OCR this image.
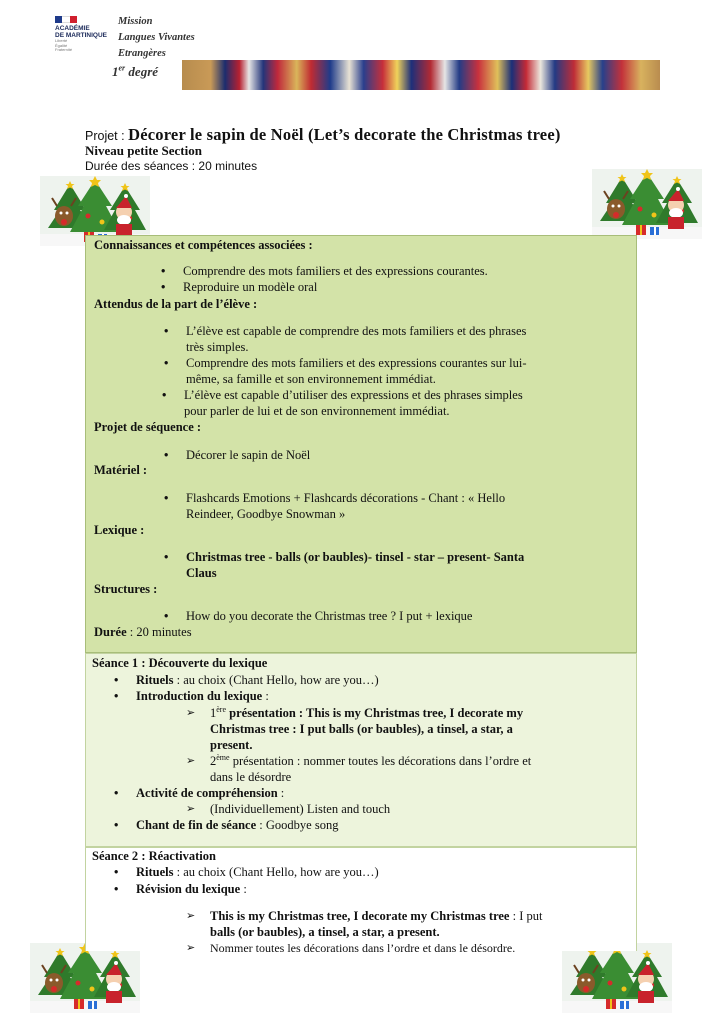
ACADÉMIE
DE MARTINIQUE
Liberté
Égalité
Fraternité
Mission
Langues Vivantes
Etrangères
1er degré
Projet : Décorer le sapin de Noël (Let’s decorate the Christmas tree)
Niveau petite Section
Durée des séances : 20 minutes
Connaissances et compétences associées :
• Comprendre des mots familiers et des expressions courantes.
• Reproduire un modèle oral
Attendus de la part de l’élève :
• L’élève est capable de comprendre des mots familiers et des phrases
très simples.
• Comprendre des mots familiers et des expressions courantes sur lui-
même, sa famille et son environnement immédiat.
• L’élève est capable d’utiliser des expressions et des phrases simples
pour parler de lui et de son environnement immédiat.
Projet de séquence :
• Décorer le sapin de Noël
Matériel :
• Flashcards Emotions + Flashcards décorations - Chant : « Hello
Reindeer, Goodbye Snowman »
Lexique :
• Christmas tree - balls (or baubles)- tinsel - star – present- Santa
Claus
Structures :
• How do you decorate the Christmas tree ? I put + lexique
Durée : 20 minutes
Séance 1 : Découverte du lexique
• Rituels : au choix (Chant Hello, how are you…)
• Introduction du lexique :
➢ 1ère présentation : This is my Christmas tree, I decorate my
Christmas tree : I put balls (or baubles), a tinsel, a star, a
present.
➢ 2ème présentation : nommer toutes les décorations dans l’ordre et
dans le désordre
• Activité de compréhension :
➢ (Individuellement) Listen and touch
• Chant de fin de séance : Goodbye song
Séance 2 : Réactivation
• Rituels : au choix (Chant Hello, how are you…)
• Révision du lexique :
➢ This is my Christmas tree, I decorate my Christmas tree : I put
balls (or baubles), a tinsel, a star, a present.
➢ Nommer toutes les décorations dans l’ordre et dans le désordre.
